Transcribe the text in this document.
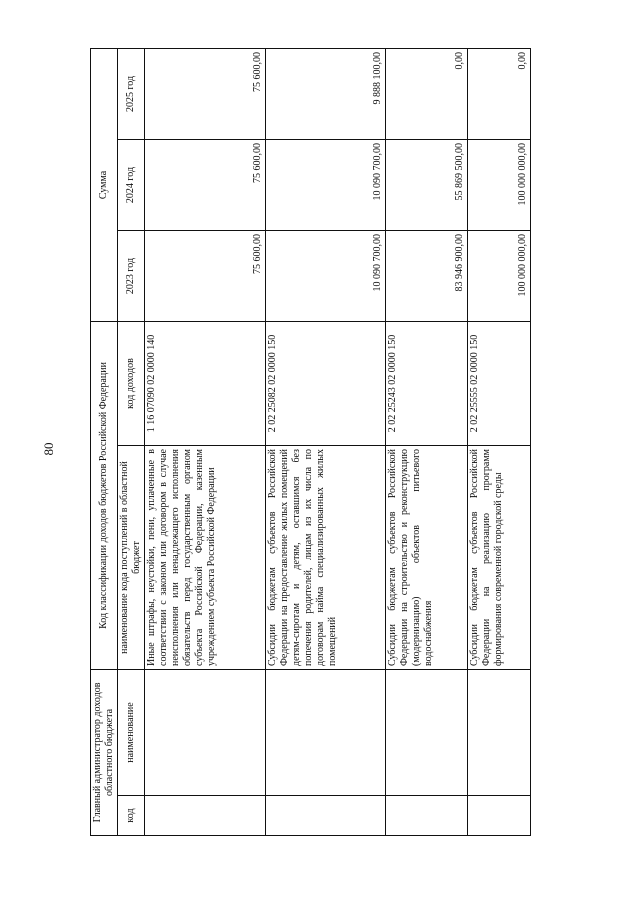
80
Главный администратор доходов областного бюджета		Код классификации доходов бюджетов Российской Федерации		Сумма		
код	наименование	наименование кода поступлений в областной бюджет	код доходов	2023 год	2024 год	2025 год
		Иные штрафы, неустойки, пени, уплаченные в соответствии с законом или договором в случае неисполнения или ненадлежащего исполнения обязательств перед государственным органом субъекта Российской Федерации, казенным учреждением субъекта Российской Федерации	1 16 07090 02 0000 140	75 600,00	75 600,00	75 600,00
		Субсидии бюджетам субъектов Российской Федерации на предоставление жилых помещений детям-сиротам и детям, оставшимся без попечения родителей, лицам из их числа по договорам найма специализированных жилых помещений	2 02 25082 02 0000 150	10 090 700,00	10 090 700,00	9 888 100,00
		Субсидии бюджетам субъектов Российской Федерации на строительство и реконструкцию (модернизацию) объектов питьевого водоснабжения	2 02 25243 02 0000 150	83 946 900,00	55 869 500,00	0,00
		Субсидии бюджетам субъектов Российской Федерации на реализацию программ формирования современной городской среды	2 02 25555 02 0000 150	100 000 000,00	100 000 000,00	0,00
